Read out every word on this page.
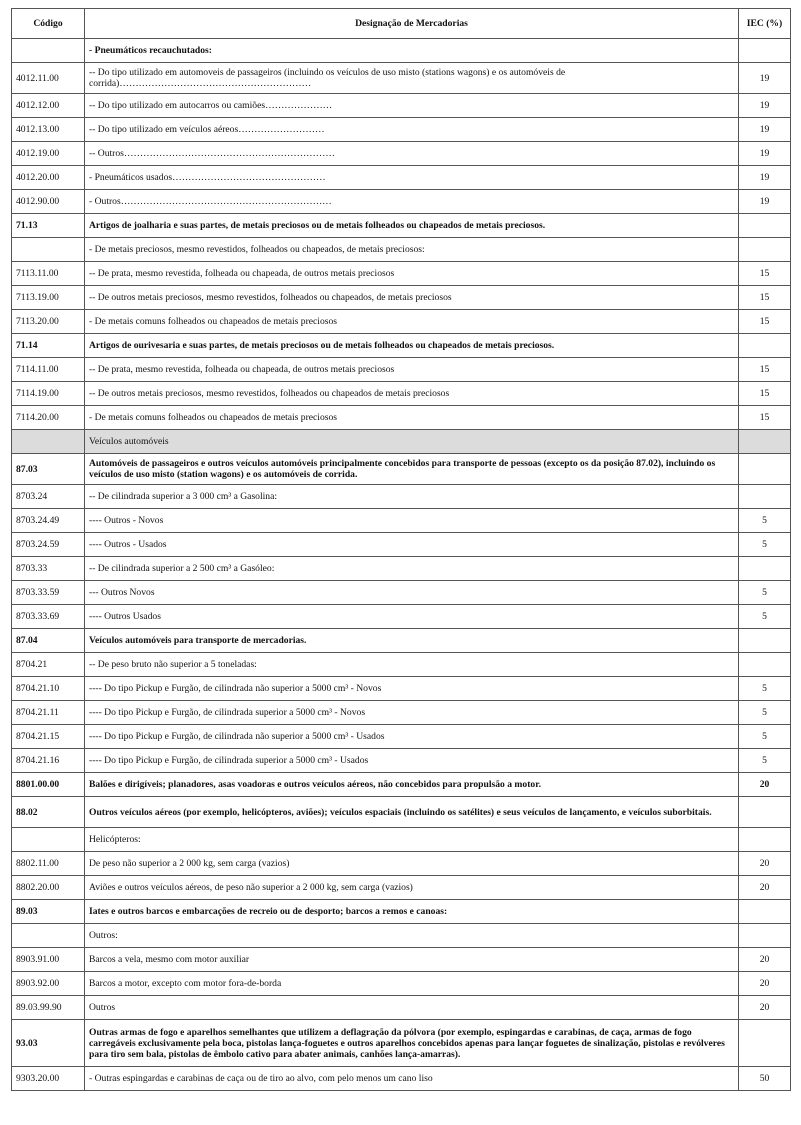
Código	Designação de Mercadorias	IEC (%)
	- Pneumáticos recauchutados:	
4012.11.00	-- Do tipo utilizado em automoveis de passageiros (incluindo os veículos de uso misto (stations wagons) e os automóveis de corrida)……………………………………………………	19
4012.12.00	-- Do tipo utilizado em autocarros ou camiões…………………	19
4012.13.00	-- Do tipo utilizado em veículos aéreos………………………	19
4012.19.00	-- Outros…………………………………………………………	19
4012.20.00	- Pneumáticos usados…………………………………………	19
4012.90.00	- Outros…………………………………………………………	19
71.13	Artigos de joalharia e suas partes, de metais preciosos ou de metais folheados ou chapeados de metais preciosos.	
	- De metais preciosos, mesmo revestidos, folheados ou chapeados, de metais preciosos:	
7113.11.00	-- De prata, mesmo revestida, folheada ou chapeada, de outros metais preciosos	15
7113.19.00	-- De outros metais preciosos, mesmo revestidos, folheados ou chapeados, de metais preciosos	15
7113.20.00	- De metais comuns folheados ou chapeados de metais preciosos	15
71.14	Artigos de ourivesaria e suas partes, de metais preciosos ou de metais folheados ou chapeados de metais preciosos.	
7114.11.00	-- De prata, mesmo revestida, folheada ou chapeada, de outros metais preciosos	15
7114.19.00	-- De outros metais preciosos, mesmo revestidos, folheados ou chapeados de metais preciosos	15
7114.20.00	- De metais comuns folheados ou chapeados de metais preciosos	15
	Veículos automóveis	
87.03	Automóveis de passageiros e outros veículos automóveis principalmente concebidos para transporte de pessoas (excepto os da posição 87.02), incluindo os veículos de uso misto (station wagons) e os automóveis de corrida.	
8703.24	-- De cilindrada superior a 3 000 cm³ a Gasolina:	
8703.24.49	---- Outros - Novos	5
8703.24.59	---- Outros - Usados	5
8703.33	-- De cilindrada superior a 2 500 cm³ a Gasóleo:	
8703.33.59	--- Outros Novos	5
8703.33.69	---- Outros Usados	5
87.04	Veículos automóveis para transporte de mercadorias.	
8704.21	-- De peso bruto não superior a 5 toneladas:	
8704.21.10	---- Do tipo Pickup e Furgão, de cilindrada não superior a 5000 cm³ - Novos	5
8704.21.11	---- Do tipo Pickup e Furgão, de cilindrada superior a 5000 cm³ - Novos	5
8704.21.15	---- Do tipo Pickup e Furgão, de cilindrada não superior a 5000 cm³ - Usados	5
8704.21.16	---- Do tipo Pickup e Furgão, de cilindrada superior a 5000 cm³ - Usados	5
8801.00.00	Balões e dirigíveis; planadores, asas voadoras e outros veículos aéreos, não concebidos para propulsão a motor.	20
88.02	Outros veículos aéreos (por exemplo, helicópteros, aviões); veículos espaciais (incluindo os satélites) e seus veículos de lançamento, e veículos suborbitais.	
	Helicópteros:	
8802.11.00	De peso não superior a 2 000 kg, sem carga (vazios)	20
8802.20.00	Aviões e outros veículos aéreos, de peso não superior a 2 000 kg, sem carga (vazios)	20
89.03	Iates e outros barcos e embarcações de recreio ou de desporto; barcos a remos e canoas:	
	Outros:	
8903.91.00	Barcos a vela, mesmo com motor auxiliar	20
8903.92.00	Barcos a motor, excepto com motor fora-de-borda	20
89.03.99.90	Outros	20
93.03	Outras armas de fogo e aparelhos semelhantes que utilizem a deflagração da pólvora (por exemplo, espingardas e carabinas, de caça, armas de fogo carregáveis exclusivamente pela boca, pistolas lança-foguetes e outros aparelhos concebidos apenas para lançar foguetes de sinalização, pistolas e revólveres para tiro sem bala, pistolas de êmbolo cativo para abater animais, canhões lança-amarras).	
9303.20.00	- Outras espingardas e carabinas de caça ou de tiro ao alvo, com pelo menos um cano liso	50
